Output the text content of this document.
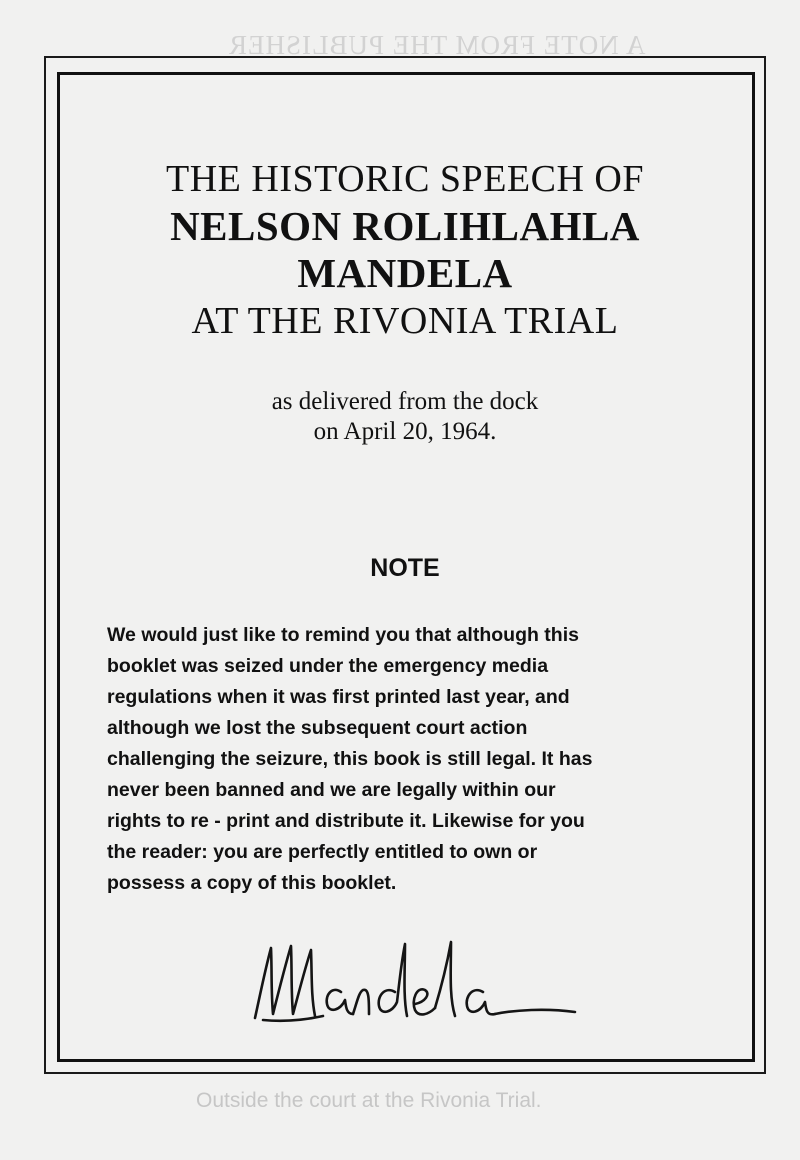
A NOTE FROM THE PUBLISHER
Outside the court at the Rivonia Trial.
THE HISTORIC SPEECH OF
NELSON ROLIHLAHLA
MANDELA
AT THE RIVONIA TRIAL
as delivered from the dock
on April 20, 1964.
NOTE
We would just like to remind you that although this
booklet was seized under the emergency media
regulations when it was first printed last year, and
although we lost the subsequent court action
challenging the seizure, this book is still legal. It has
never been banned and we are legally within our
rights to re - print and distribute it. Likewise for you
the reader: you are perfectly entitled to own or
possess a copy of this booklet.
